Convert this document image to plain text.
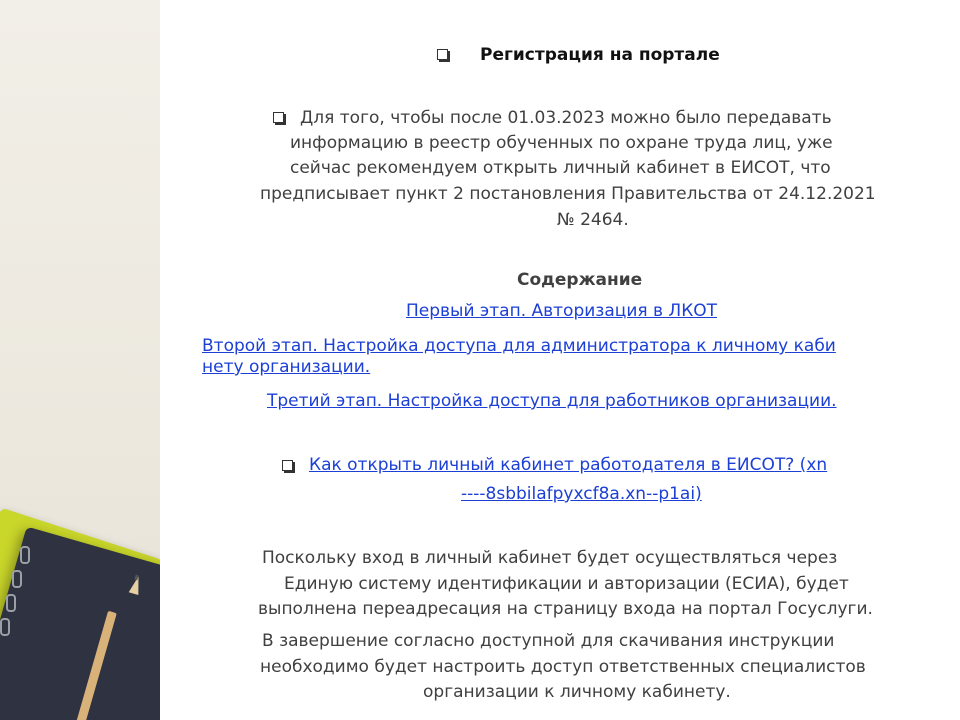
Регистрация на портале
Для того, чтобы после 01.03.2023 можно было передавать
информацию в реестр обученных по охране труда лиц, уже
сейчас рекомендуем открыть личный кабинет в ЕИСОТ, что
предписывает пункт 2 постановления Правительства от 24.12.2021
№ 2464.
Содержание
Первый этап. Авторизация в ЛКОТ
Второй этап. Настройка доступа для администратора к личному каби
нету организации.
Третий этап. Настройка доступа для работников организации.
Как открыть личный кабинет работодателя в ЕИСОТ? (xn
----8sbbilafpyxcf8a.xn--p1ai)
Поскольку вход в личный кабинет будет осуществляться через
Единую систему идентификации и авторизации (ЕСИА), будет
выполнена переадресация на страницу входа на портал Госуслуги.
В завершение согласно доступной для скачивания инструкции
необходимо будет настроить доступ ответственных специалистов
организации к личному кабинету.
